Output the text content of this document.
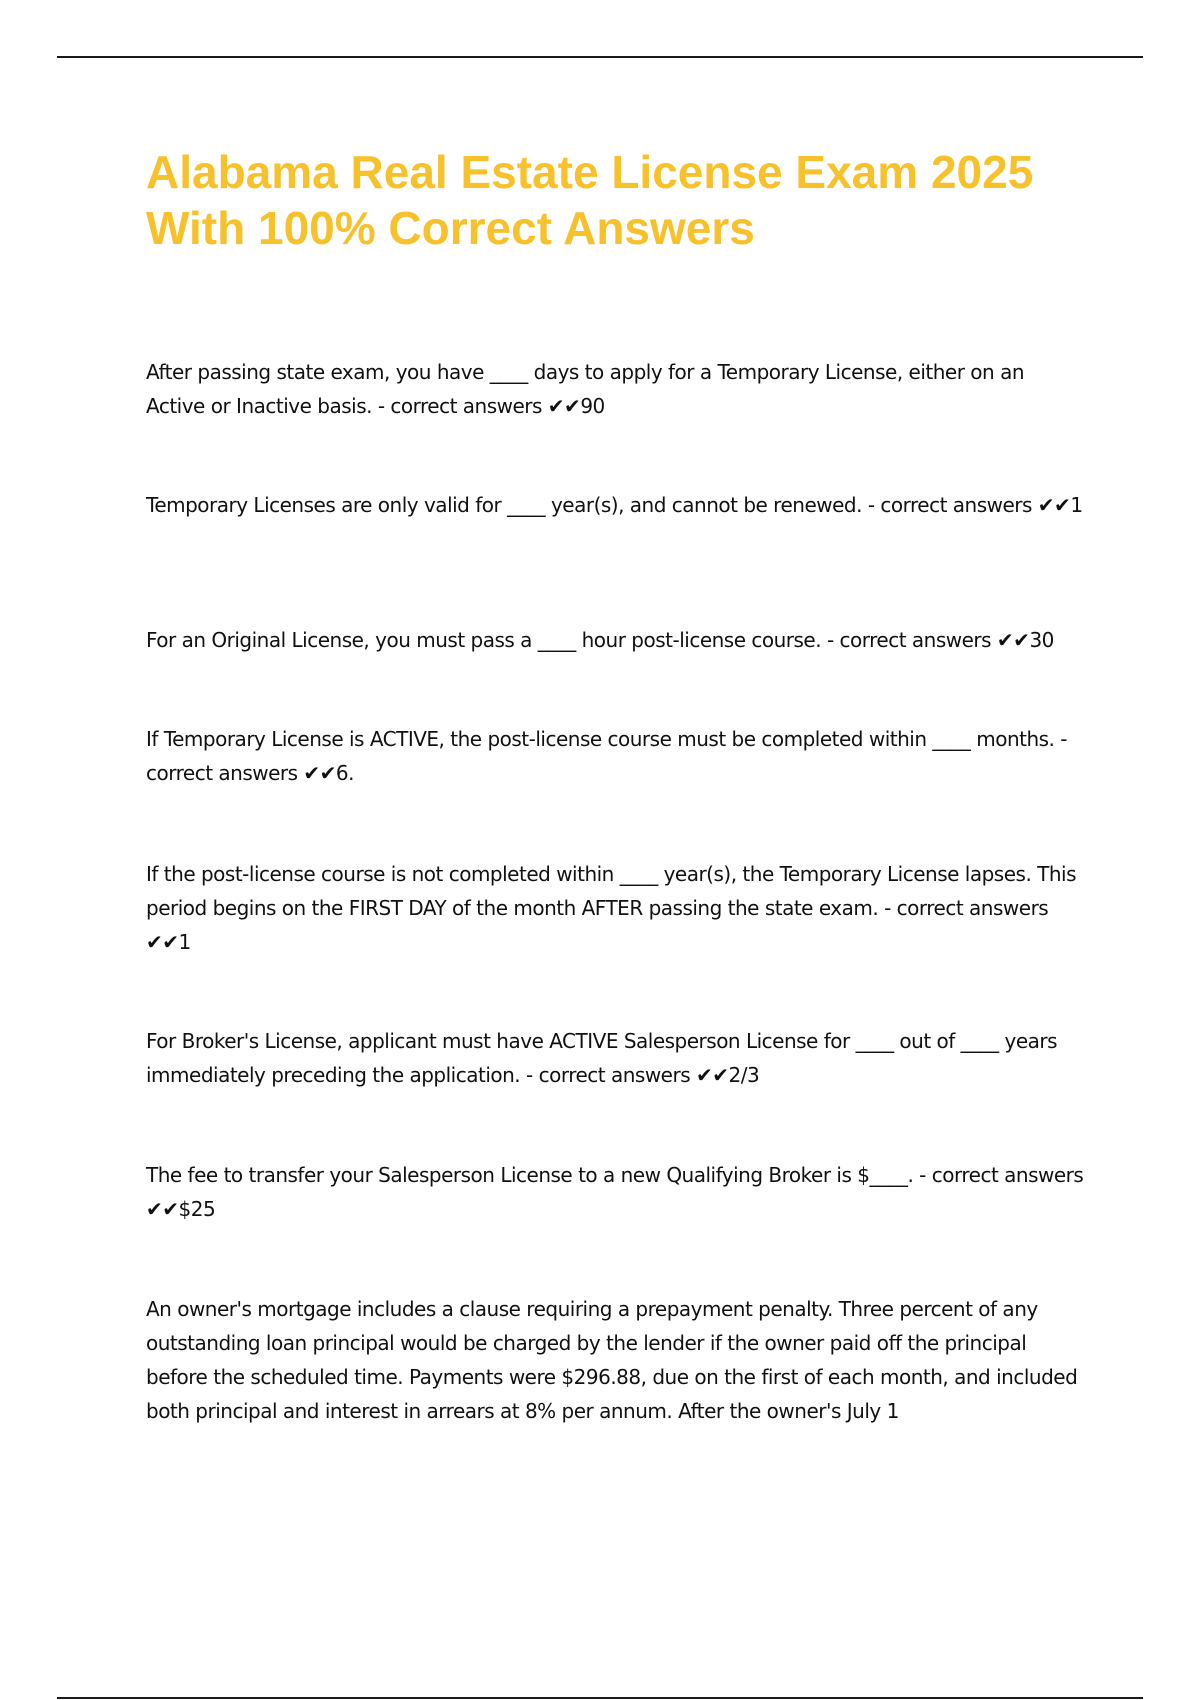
Alabama Real Estate License Exam 2025 With 100% Correct Answers

After passing state exam, you have ____ days to apply for a Temporary License, either on an Active or Inactive basis. - correct answers ✔✔90

Temporary Licenses are only valid for ____ year(s), and cannot be renewed. - correct answers ✔✔1

For an Original License, you must pass a ____ hour post-license course. - correct answers ✔✔30

If Temporary License is ACTIVE, the post-license course must be completed within ____ months. - correct answers ✔✔6.

If the post-license course is not completed within ____ year(s), the Temporary License lapses. This period begins on the FIRST DAY of the month AFTER passing the state exam. - correct answers ✔✔1

For Broker's License, applicant must have ACTIVE Salesperson License for ____ out of ____ years immediately preceding the application. - correct answers ✔✔2/3

The fee to transfer your Salesperson License to a new Qualifying Broker is $____. - correct answers ✔✔$25

An owner's mortgage includes a clause requiring a prepayment penalty. Three percent of any outstanding loan principal would be charged by the lender if the owner paid off the principal before the scheduled time. Payments were $296.88, due on the first of each month, and included both principal and interest in arrears at 8% per annum. After the owner's July 1
